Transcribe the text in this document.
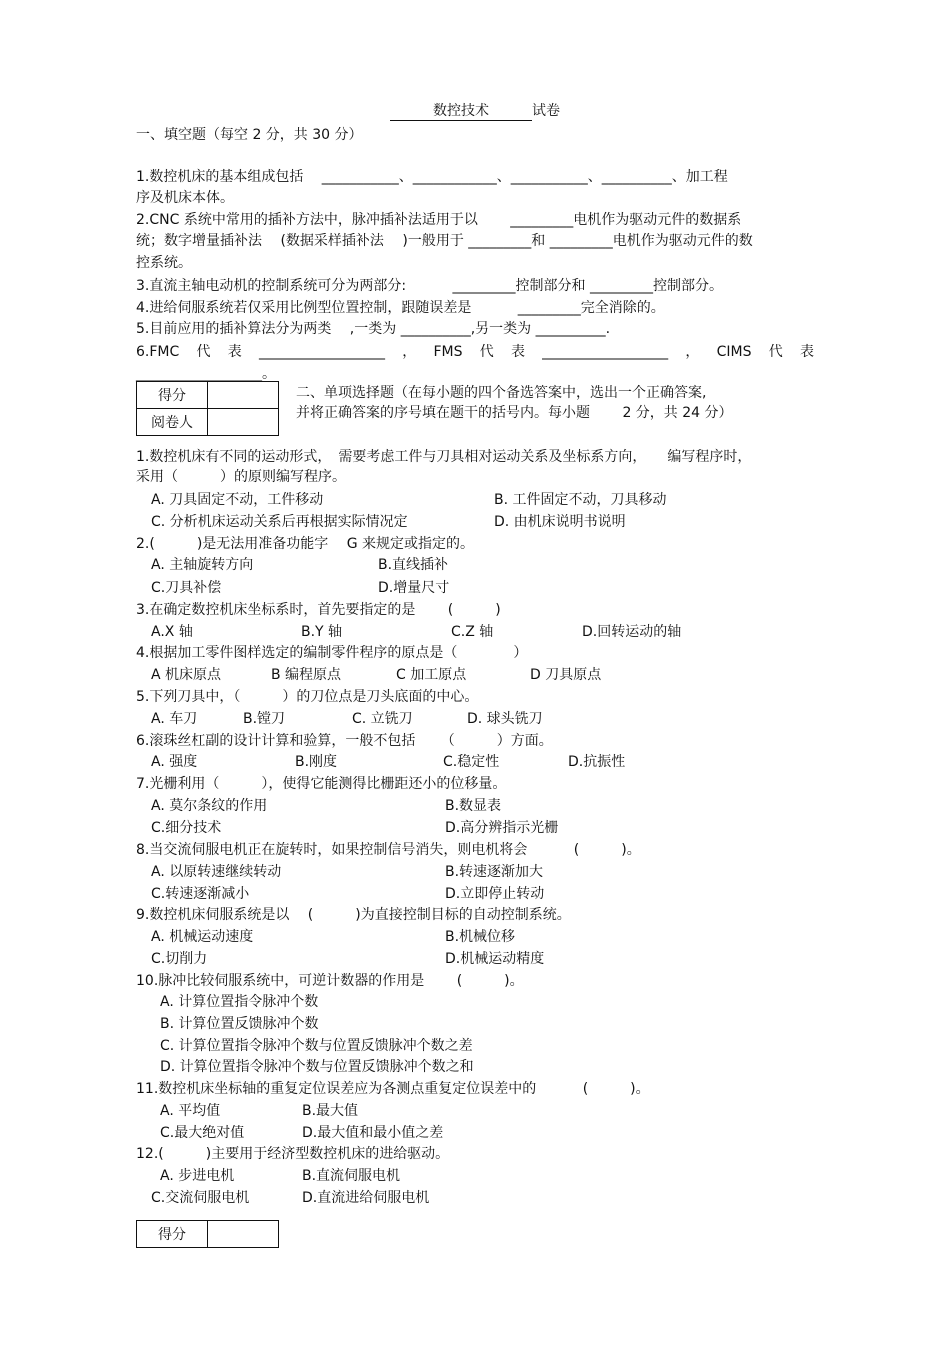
数控技术	试卷
一、填空题（每空 2 分，共 30 分）
1.数控机床的基本组成包括　 ___________、____________、___________、__________、加工程
序及机床本体。
2.CNC 系统中常用的插补方法中，脉冲插补法适用于以 　　_________电机作为驱动元件的数据系
统；数字增量插补法 　(数据采样插补法 　)一般用于 _________和 _________电机作为驱动元件的数
控系统。
3.直流主轴电动机的控制系统可分为两部分: 　　　_________控制部分和 _________控制部分。
4.进给伺服系统若仅采用比例型位置控制，跟随误差是 　　　_________完全消除的。
5.目前应用的插补算法分为两类 　,一类为 __________,另一类为 __________.
6.FMC 代 表 __________________ ， FMS 代 表 __________________ ， CIMS 代 表
__________________。
得分	
阅卷人	
二、单项选择题（在每小题的四个备选答案中，选出一个正确答案,
并将正确答案的序号填在题干的括号内。每小题 　　2 分，共 24 分）
1.数控机床有不同的运动形式，　需要考虑工件与刀具相对运动关系及坐标系方向，　　编写程序时，
采用（　　　）的原则编写程序。
A. 刀具固定不动，工件移动	B. 工件固定不动，刀具移动
C. 分析机床运动关系后再根据实际情况定	D. 由机床说明书说明
2.(　　　)是无法用准备功能字 　G 来规定或指定的。
A. 主轴旋转方向	B.直线插补
C.刀具补偿	D.增量尺寸
3.在确定数控机床坐标系时，首先要指定的是 　　(　　　)
A.X 轴	B.Y 轴	C.Z 轴	D.回转运动的轴
4.根据加工零件图样选定的编制零件程序的原点是（　　　　）
A 机床原点	B 编程原点	C 加工原点	D 刀具原点
5.下列刀具中，（　　　）的刀位点是刀头底面的中心。
A. 车刀	B.镗刀	C. 立铣刀	D. 球头铣刀
6.滚珠丝杠副的设计计算和验算，一般不包括 　　（　　　）方面。
A. 强度	B.刚度	C.稳定性	D.抗振性
7.光栅利用（　　　），使得它能测得比栅距还小的位移量。
A. 莫尔条纹的作用	B.数显表
C.细分技术	D.高分辨指示光栅
8.当交流伺服电机正在旋转时，如果控制信号消失，则电机将会 　　　(　　　)。
A. 以原转速继续转动	B.转速逐渐加大
C.转速逐渐减小	D.立即停止转动
9.数控机床伺服系统是以 　(　　　)为直接控制目标的自动控制系统。
A. 机械运动速度	B.机械位移
C.切削力	D.机械运动精度
10.脉冲比较伺服系统中，可逆计数器的作用是 　　(　　　)。
A. 计算位置指令脉冲个数
B. 计算位置反馈脉冲个数
C. 计算位置指令脉冲个数与位置反馈脉冲个数之差
D. 计算位置指令脉冲个数与位置反馈脉冲个数之和
11.数控机床坐标轴的重复定位误差应为各测点重复定位误差中的 　　　(　　　)。
A. 平均值	B.最大值
C.最大绝对值	D.最大值和最小值之差
12.(　　　)主要用于经济型数控机床的进给驱动。
A. 步进电机	B.直流伺服电机
C.交流伺服电机	D.直流进给伺服电机
得分	
